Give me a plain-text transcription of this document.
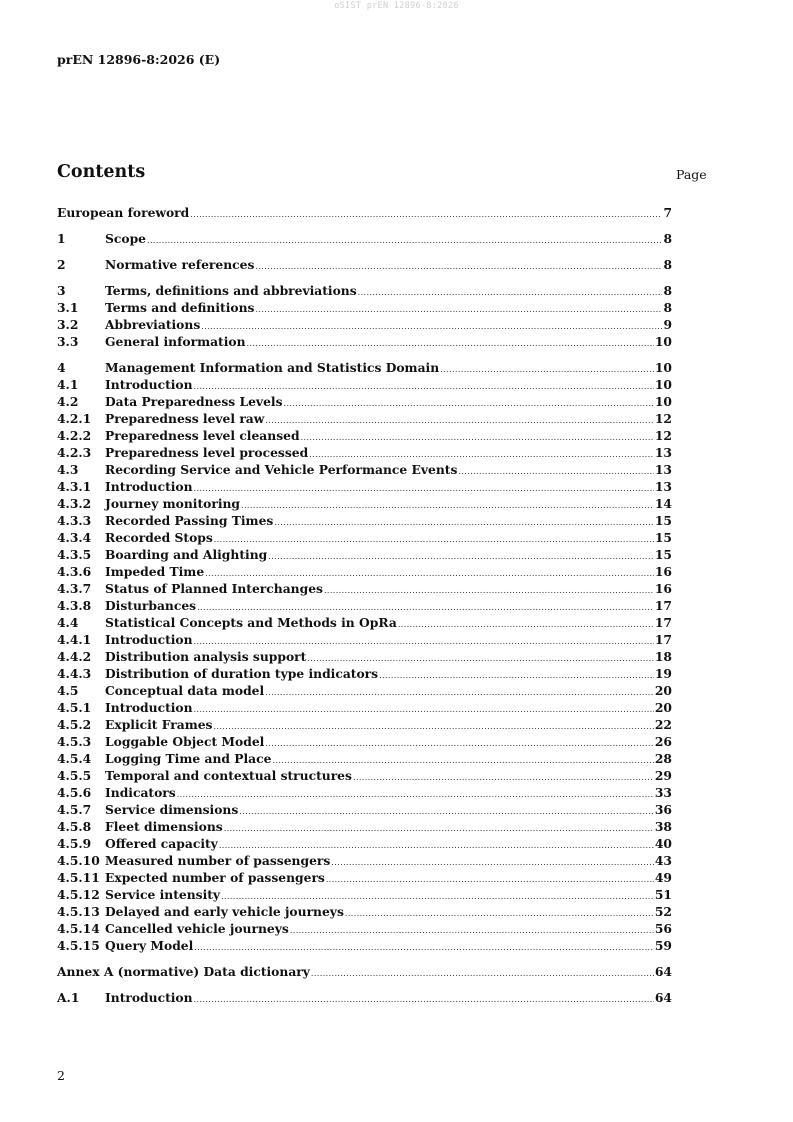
oSIST prEN 12896-8:2026
prEN 12896-8:2026 (E)
Contents	Page
European foreword .....	7
1	Scope .....	8
2	Normative references .....	8
3	Terms, definitions and abbreviations .....	8
3.1	Terms and definitions .....	8
3.2	Abbreviations .....	9
3.3	General information .....	10
4	Management Information and Statistics Domain .....	10
4.1	Introduction .....	10
4.2	Data Preparedness Levels .....	10
4.2.1	Preparedness level raw .....	12
4.2.2	Preparedness level cleansed .....	12
4.2.3	Preparedness level processed .....	13
4.3	Recording Service and Vehicle Performance Events .....	13
4.3.1	Introduction .....	13
4.3.2	Journey monitoring .....	14
4.3.3	Recorded Passing Times .....	15
4.3.4	Recorded Stops .....	15
4.3.5	Boarding and Alighting .....	15
4.3.6	Impeded Time .....	16
4.3.7	Status of Planned Interchanges .....	16
4.3.8	Disturbances .....	17
4.4	Statistical Concepts and Methods in OpRa .....	17
4.4.1	Introduction .....	17
4.4.2	Distribution analysis support .....	18
4.4.3	Distribution of duration type indicators .....	19
4.5	Conceptual data model .....	20
4.5.1	Introduction .....	20
4.5.2	Explicit Frames .....	22
4.5.3	Loggable Object Model .....	26
4.5.4	Logging Time and Place .....	28
4.5.5	Temporal and contextual structures .....	29
4.5.6	Indicators .....	33
4.5.7	Service dimensions .....	36
4.5.8	Fleet dimensions .....	38
4.5.9	Offered capacity .....	40
4.5.10 Measured number of passengers .....	43
4.5.11 Expected number of passengers .....	49
4.5.12 Service intensity .....	51
4.5.13 Delayed and early vehicle journeys .....	52
4.5.14 Cancelled vehicle journeys .....	56
4.5.15 Query Model .....	59
Annex A (normative) Data dictionary .....	64
A.1	Introduction .....	64
2
